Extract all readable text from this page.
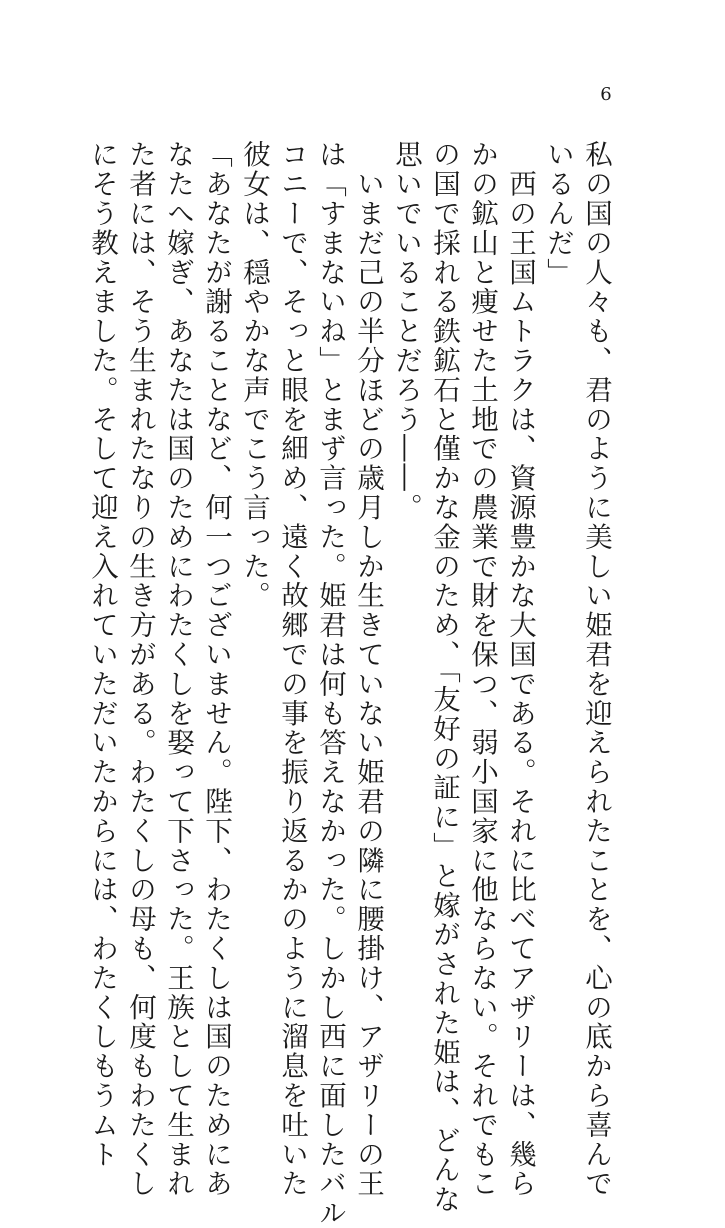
6
私の国の人々も、君のように美しい姫君を迎えられたことを、心の底から喜んで
いるんだ」
　西の王国ムトラクは、資源豊かな大国である。それに比べてアザリーは、幾ら
かの鉱山と痩せた土地での農業で財を保つ、弱小国家に他ならない。それでもこ
の国で採れる鉄鉱石と僅かな金のため、「友好の証に」と嫁がされた姫は、どんな
思いでいることだろう――。
　いまだ己の半分ほどの歳月しか生きていない姫君の隣に腰掛け、アザリーの王
は「すまないね」とまず言った。姫君は何も答えなかった。しかし西に面したバル
コニーで、そっと眼を細め、遠く故郷での事を振り返るかのように溜息を吐いた
彼女は、穏やかな声でこう言った。
「あなたが謝ることなど、何一つございません。陛下、わたくしは国のためにあ
なたへ嫁ぎ、あなたは国のためにわたくしを娶って下さった。王族として生まれ
た者には、そう生まれたなりの生き方がある。わたくしの母も、何度もわたくし
にそう教えました。そして迎え入れていただいたからには、わたくしもうムト
